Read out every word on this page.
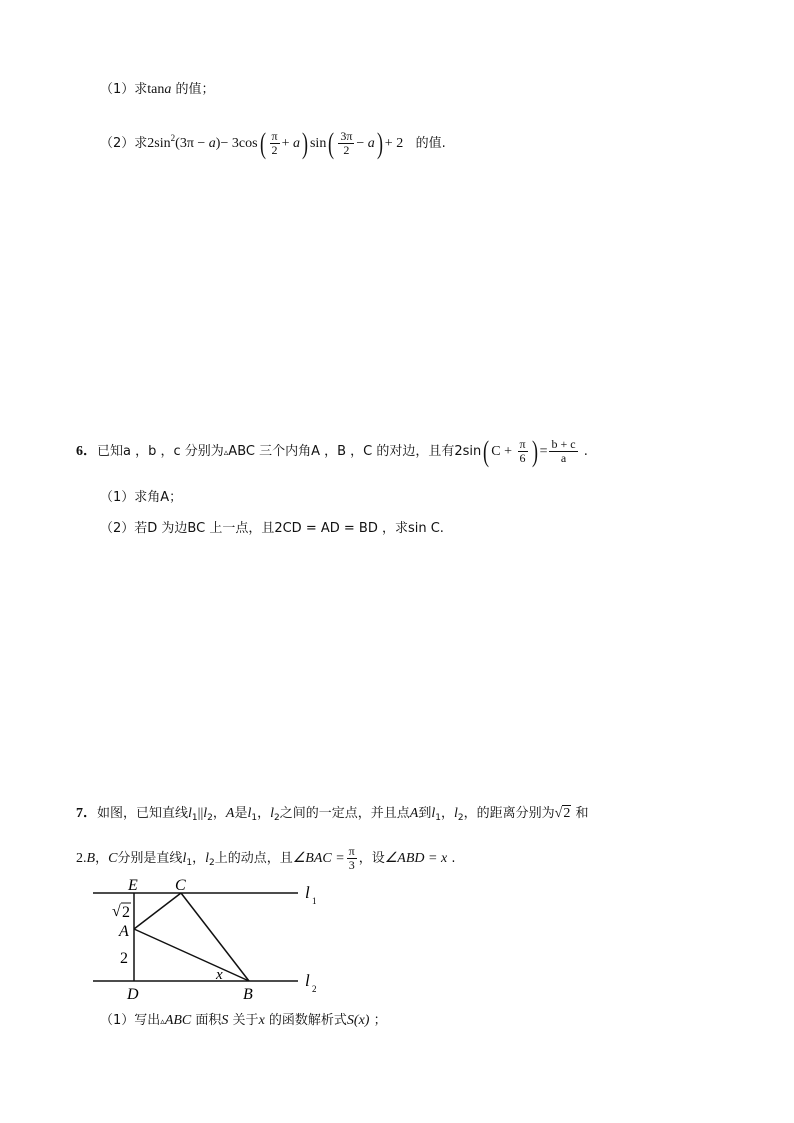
（1）求tana 的值；
（2）求$2\sin^2(3\pi - a)- 3\cos( \frac{\pi}{2} + a)$ $\sin( \frac{3\pi}{2} - a) + 2$ 的值.
6．已知a ，b ，c 分别为▵ABC 三个内角A ，B ，C 的对边，且有2sin( $C + \frac{\pi}{6}$ ) = $\frac{b + c}{a}$ .
（1）求角A；
（2）若D 为边BC 上一点，且2CD = AD = BD ，求sin C.
7．如图，已知直线$l_1||l_2$，A是$l_1$，$l_2$之间的一定点，并且点A到$l_1$，$l_2$，的距离分别为√2 和
2.B，C分别是直线$l_1$，$l_2$上的动点，且∠BAC = $\frac{\pi}{3}$ ，设∠ABD = x .
E C
A
D	B
√ 2
2
x
l 1
l 2
（1）写出▵ABC 面积S 关于x 的函数解析式S(x) ；
